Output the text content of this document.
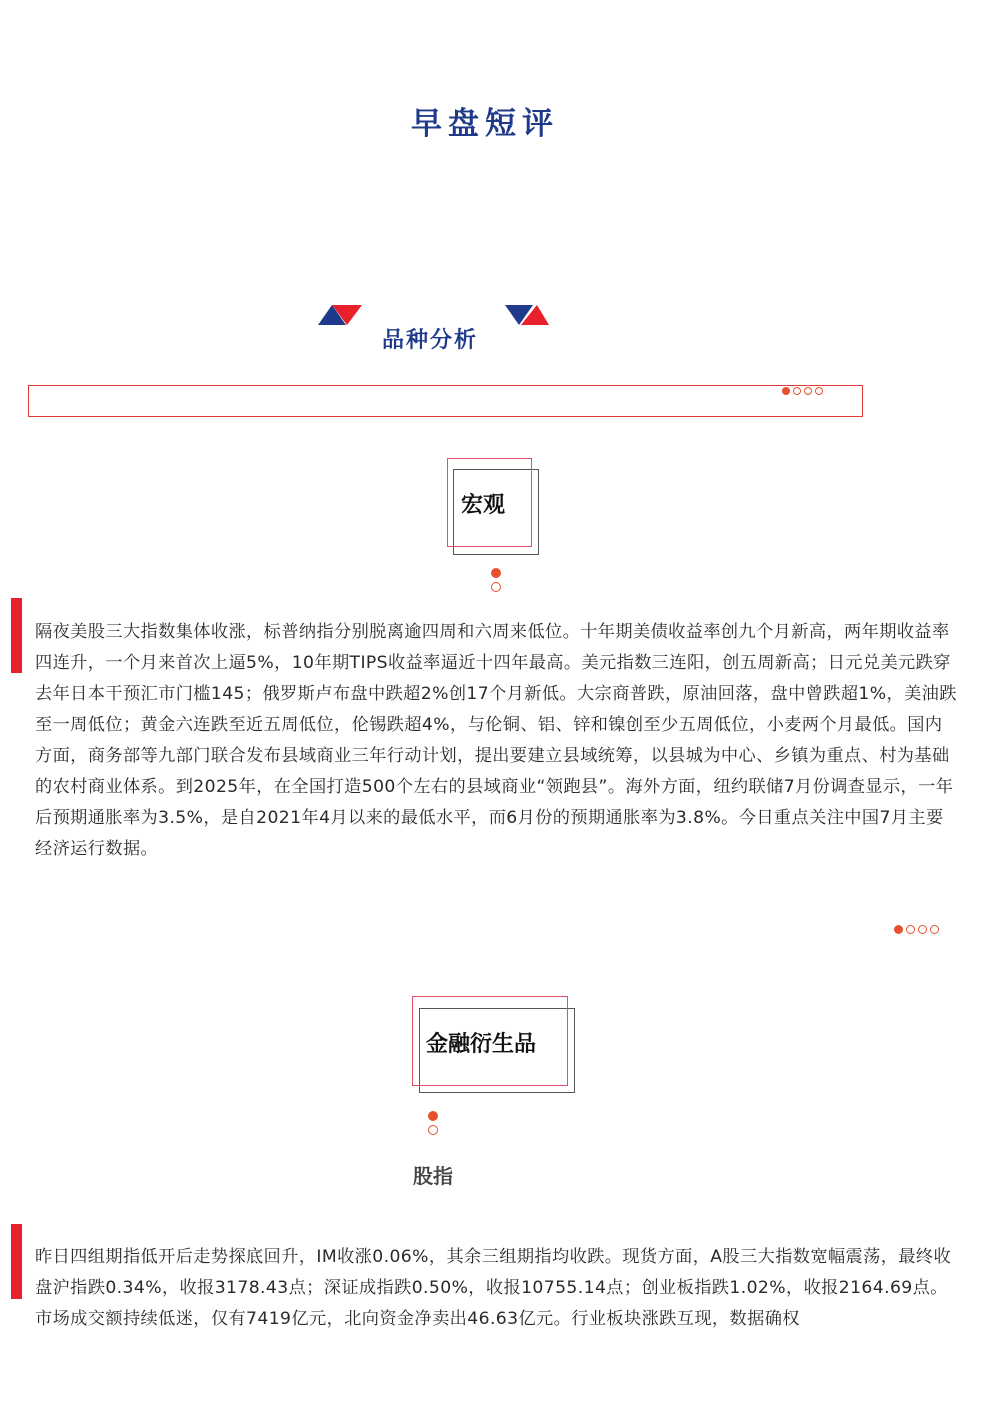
早盘短评
品种分析
宏观
隔夜美股三大指数集体收涨，标普纳指分别脱离逾四周和六周来低位。十年期美债收益率创九个月新高，两年期收益率四连升，一个月来首次上逼5%，10年期TIPS收益率逼近十四年最高。美元指数三连阳，创五周新高；日元兑美元跌穿去年日本干预汇市门槛145；俄罗斯卢布盘中跌超2%创17个月新低。大宗商普跌，原油回落，盘中曾跌超1%，美油跌至一周低位；黄金六连跌至近五周低位，伦锡跌超4%，与伦铜、铝、锌和镍创至少五周低位，小麦两个月最低。国内方面，商务部等九部门联合发布县域商业三年行动计划，提出要建立县域统筹，以县城为中心、乡镇为重点、村为基础的农村商业体系。到2025年，在全国打造500个左右的县域商业“领跑县”。海外方面，纽约联储7月份调查显示，一年后预期通胀率为3.5%，是自2021年4月以来的最低水平，而6月份的预期通胀率为3.8%。今日重点关注中国7月主要经济运行数据。
金融衍生品
股指
昨日四组期指低开后走势探底回升，IM收涨0.06%，其余三组期指均收跌。现货方面，A股三大指数宽幅震荡，最终收盘沪指跌0.34%，收报3178.43点；深证成指跌0.50%，收报10755.14点；创业板指跌1.02%，收报2164.69点。市场成交额持续低迷，仅有7419亿元，北向资金净卖出46.63亿元。行业板块涨跌互现，数据确权
